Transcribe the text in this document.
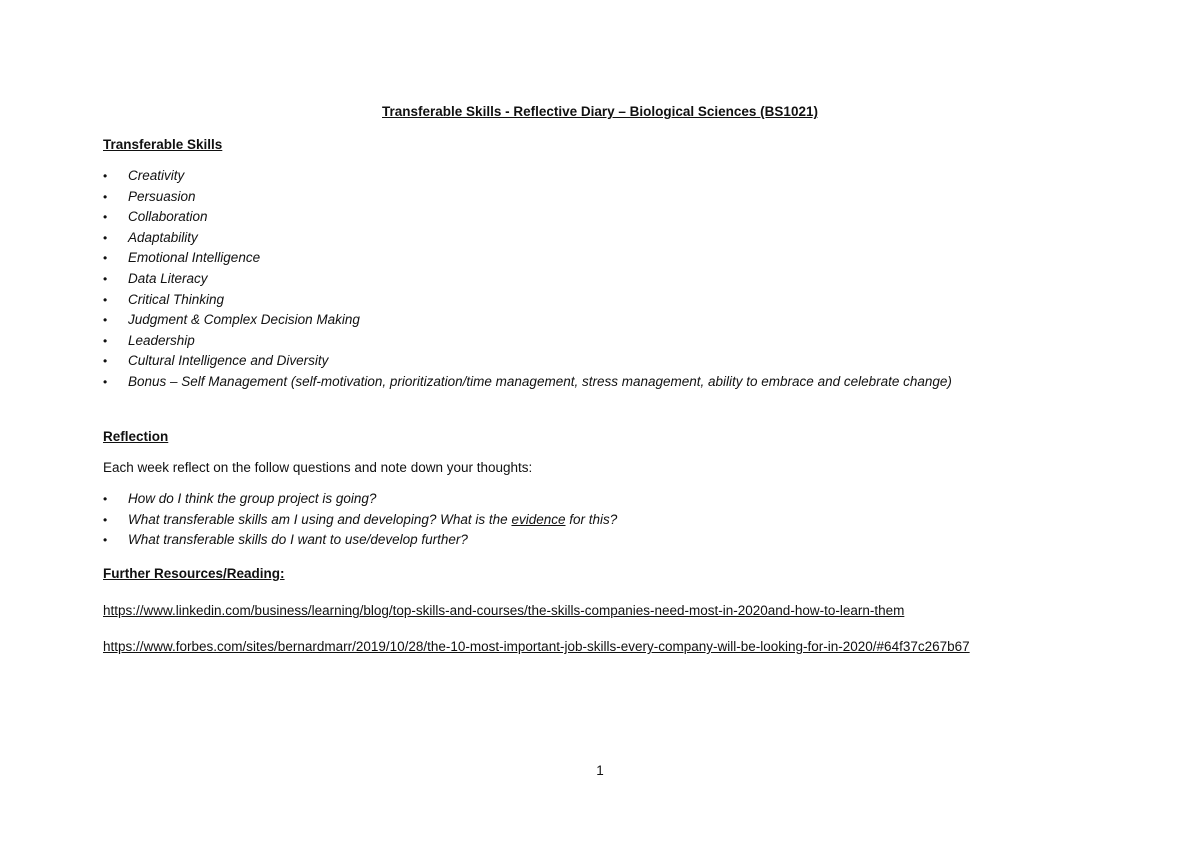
Transferable Skills - Reflective Diary – Biological Sciences (BS1021)
Transferable Skills
• Creativity
• Persuasion
• Collaboration
• Adaptability
• Emotional Intelligence
• Data Literacy
• Critical Thinking
• Judgment & Complex Decision Making
• Leadership
• Cultural Intelligence and Diversity
• Bonus – Self Management (self-motivation, prioritization/time management, stress management, ability to embrace and celebrate change)
Reflection
Each week reflect on the follow questions and note down your thoughts:
• How do I think the group project is going?
• What transferable skills am I using and developing? What is the evidence for this?
• What transferable skills do I want to use/develop further?
Further Resources/Reading:
https://www.linkedin.com/business/learning/blog/top-skills-and-courses/the-skills-companies-need-most-in-2020and-how-to-learn-them
https://www.forbes.com/sites/bernardmarr/2019/10/28/the-10-most-important-job-skills-every-company-will-be-looking-for-in-2020/#64f37c267b67
1
